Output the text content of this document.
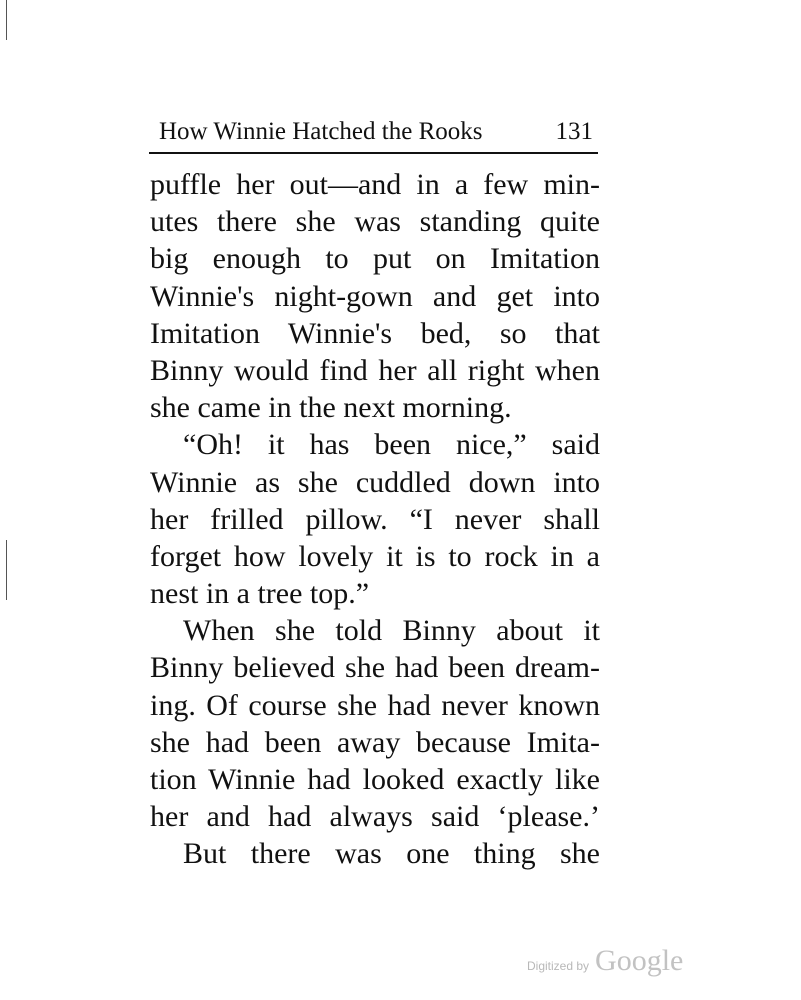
How Winnie Hatched the Rooks	131
puffle her out—and in a few min-
utes there she was standing quite
big enough to put on Imitation
Winnie's night-gown and get into
Imitation Winnie's bed, so that
Binny would find her all right when
she came in the next morning.
“Oh! it has been nice,” said
Winnie as she cuddled down into
her frilled pillow. “I never shall
forget how lovely it is to rock in a
nest in a tree top.”
When she told Binny about it
Binny believed she had been dream-
ing. Of course she had never known
she had been away because Imita-
tion Winnie had looked exactly like
her and had always said ‘please.’
But there was one thing she
Digitized by Google
